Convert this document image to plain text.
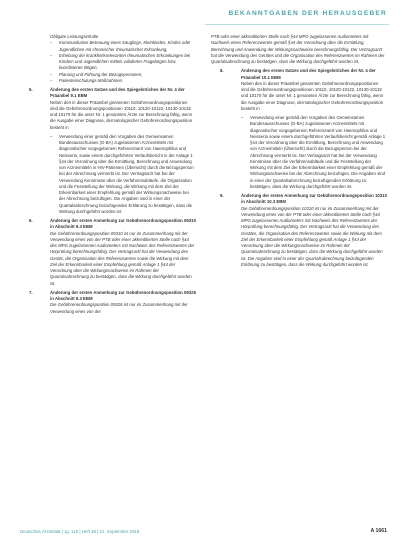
BEKANNTGABEN DER HERAUSGEBER
Obligate Leistungsinhalte
– Kommunikative Betreuung eines Säuglings, Kleinkindes, Kindes oder Jugendlichen mit chronischer rheumatischer Erkrankung,
– Erhebung der krankheitsrelevanten rheumatischen Erkrankungen bei Kindern und Jugendlichen mittels validierter Fragebögen bzw. koordinierter Bögen,
– Planung und Führung der Bezugspersonen,
– Patientenschulungs-Maßnahmen.
5.	Änderung des ersten Satzes und des Spiegelstriches der Nr. 4 der Präambel 9.1 EBM
Neben den in dieser Präambel genannten Gebührenordnungspositionen sind die Gebührenordnungspositionen 10110, 10120-10122, 10130-10132 und 10170 für die unter Nr. 1 genannten Ärzte zur Berechnung fähig, wenn die Ausgabe einer Diagnose, dermatologischer Gebührenordnungsposition besteht in
– Verwendung einer gemäß den Vorgaben des Gemeinsamen Bundesausschusses (G-BA) zugelassenen Arzneimittels mit diagnostischer vorgegebenem Referenzwert von Haemophilus und Neisseria, sowie einem durchgeführten Verlaufsbericht in der Anlage 1 §44 der Verordnung über die Ermittlung, Berechnung und Anwendung von Arzneimitteln in HIV-Patienten (Übersicht) durch die Bezugsperson bei der Abrechnung vermerkt ist. Der Vertragsarzt hat bei der Verwendung Kenntnisse über die Verfahrensabläufe, die Organisation und die Feststellung der Wirkung, die Wirkung mit dem Ziel der Erkennbarkeit einer Empfehlung gemäß der Wirkungsnachweise bei der Abrechnung beizufügen. Die Angaben sind in einer der Quartalsabrechnung beizufügenden Erklärung zu bestätigen, dass die Wirkung durchgeführt worden ist.
6.	Änderung der ersten Anmerkung zur Gebührenordnungsposition 09310 in Abschnitt 9.3 EBM
Die Gebührenordnungsposition 09310 ist nur im Zusammenhang mit der Verwendung eines von der PTB oder einer akkreditierten Stelle nach §44 des MPG zugelassenen Audiometers mit Nachweis des Referenzwertes der Hörprüfung berechnungsfähig. Der Vertragsarzt hat die Verwendung des Geräts, die Organisation des Referenzwertes sowie die Wirkung mit dem Ziel der Erkennbarkeit einer Empfehlung gemäß Anlage 1 §44 der Verordnung über die Wirkungsnachweise im Rahmen der Quartalsabrechnung zu bestätigen, dass die Wirkung durchgeführt worden ist.
7.	Änderung der ersten Anmerkung zur Gebührenordnungsposition 09326 in Abschnitt 9.3 EBM
Die Gebührenordnungsposition 09326 ist nur im Zusammenhang mit der Verwendung eines von der
PTB oder einer akkreditierten Stelle nach §44 MPG zugelassenen Audiometers mit Nachweis eines Referenzwertes gemäß §44 der Verordnung über die Ermittlung, Berechnung und Anwendung der Wirkungsnachweise berechnungsfähig. Der Vertragsarzt hat die Verwendung des Gerätes und die Organisation des Referenzwertes im Rahmen der Quartalsabrechnung zu bestätigen, dass die Wirkung durchgeführt worden ist.
8.	Änderung des ersten Satzes und des Spiegelstriches der Nr. 4 der Präambel 10.1 EBM
Neben den in dieser Präambel genannten Gebührenordnungspositionen sind die Gebührenordnungspositionen 10110, 10120-10122, 10130-10132 und 10170 für die unter Nr. 1 genannten Ärzte zur Berechnung fähig, wenn die Ausgabe einer Diagnose, dermatologischer Gebührenordnungsposition besteht in
– Verwendung einer gemäß den Vorgaben des Gemeinsamen Bundesausschusses (G-BA) zugelassenen Arzneimittels mit diagnostischer vorgegebenem Referenzwert von Haemophilus und Neisseria sowie einem durchgeführten Verlaufsbericht gemäß Anlage 1 §44 der Verordnung über die Ermittlung, Berechnung und Anwendung von Arzneimitteln (Übersicht) durch die Bezugsperson bei der Abrechnung vermerkt ist. Der Vertragsarzt hat bei der Verwendung Kenntnisse über die Verfahrensabläufe und die Feststellung der Wirkung mit dem Ziel der Erkennbarkeit einer Empfehlung gemäß der Wirkungsnachweise bei der Abrechnung beizufügen. Die Angaben sind in einer der Quartalsabrechnung beizufügenden Erklärung zu bestätigen, dass die Wirkung durchgeführt worden ist.
9.	Änderung der ersten Anmerkung zur Gebührenordnungsposition 10310 in Abschnitt 10.3 EBM
Die Gebührenordnungsposition 10310 ist nur im Zusammenhang mit der Verwendung eines von der PTB oder einer akkreditierten Stelle nach §44 MPG zugelassenen Audiometers mit Nachweis des Referenzwertes der Hörprüfung berechnungsfähig. Der Vertragsarzt hat die Verwendung des Gerätes, die Organisation des Referenzwertes sowie die Wirkung mit dem Ziel der Erkennbarkeit einer Empfehlung gemäß Anlage 1 §44 der Verordnung über die Wirkungsnachweise im Rahmen der Quartalsabrechnung zu bestätigen, dass die Wirkung durchgeführt worden ist. Die Angaben sind in einer der Quartalsabrechnung beizufügenden Erklärung zu bestätigen, dass die Wirkung durchgeführt worden ist.
Deutsches Ärzteblatt | Jg. 115 | Heft 38 | 21. September 2018	A 1661
